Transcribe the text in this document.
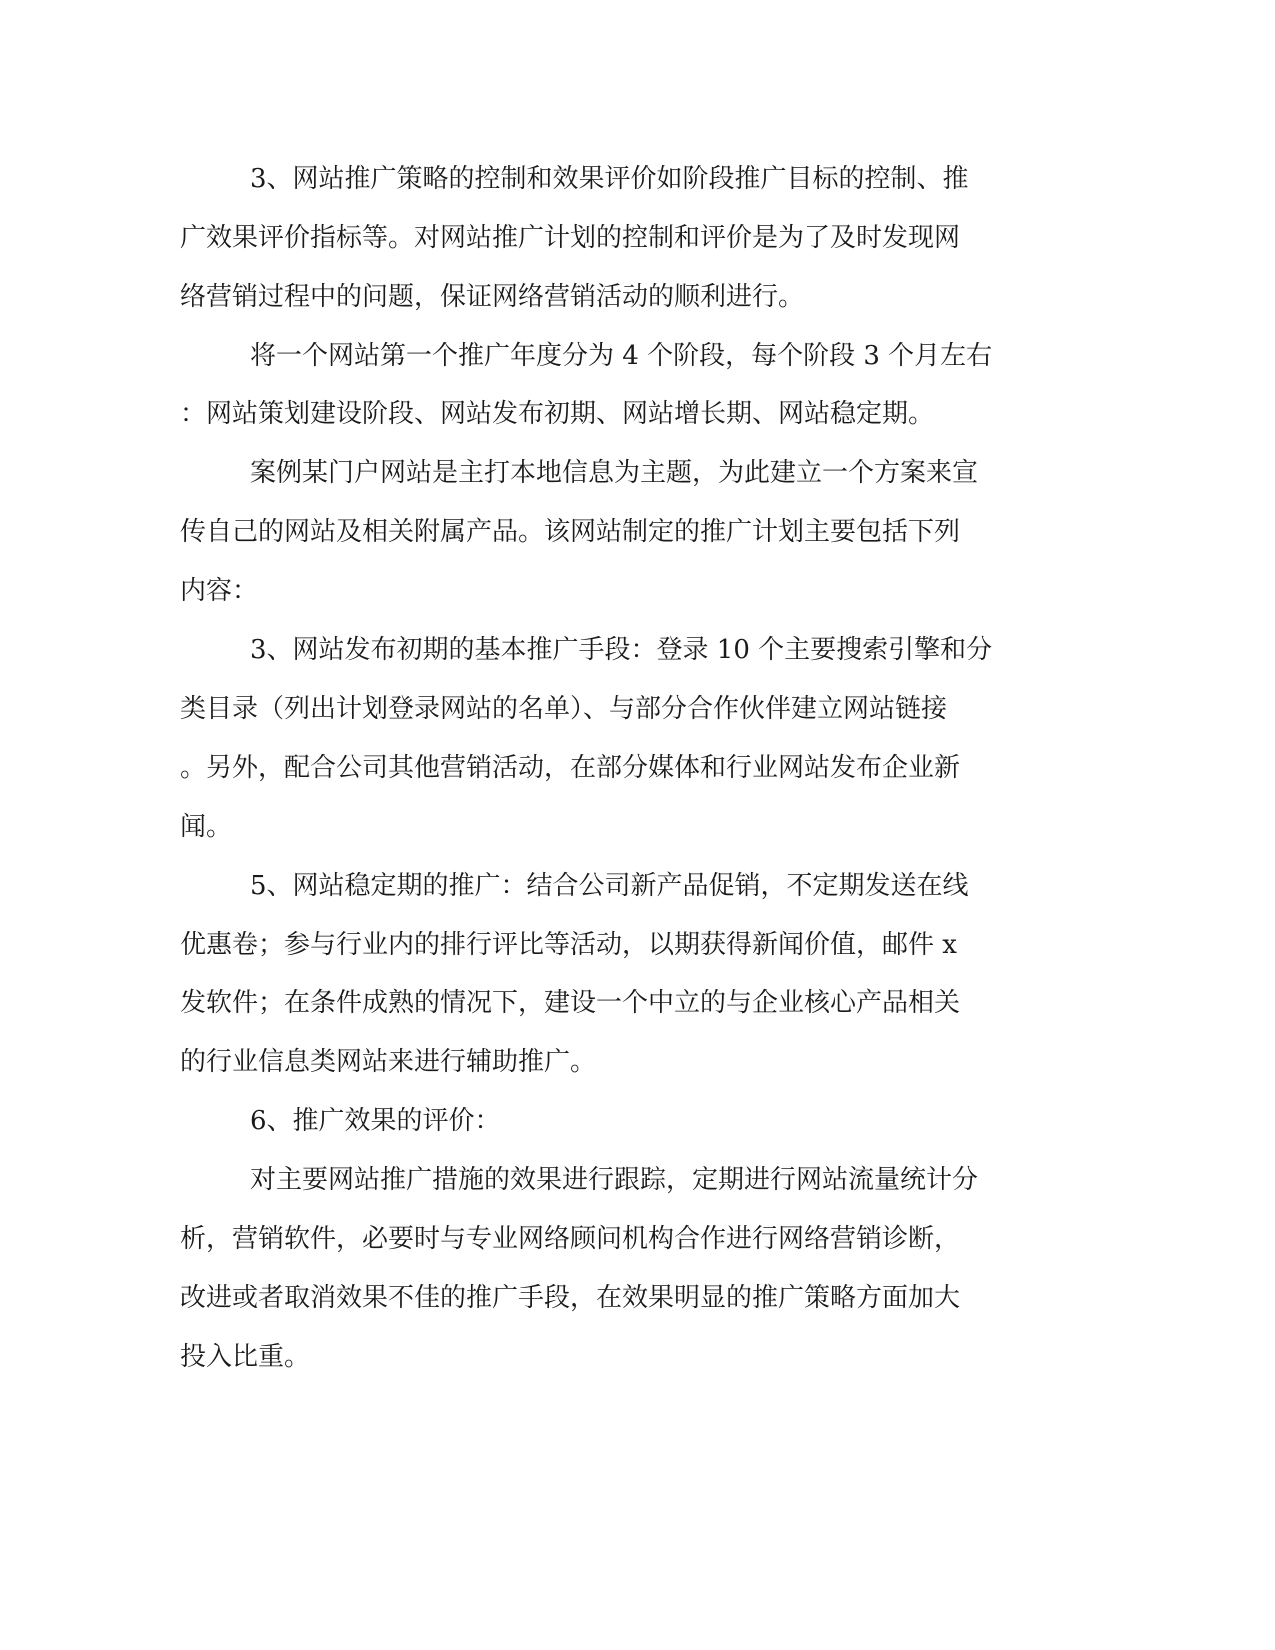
3、网站推广策略的控制和效果评价如阶段推广目标的控制、推

广效果评价指标等。对网站推广计划的控制和评价是为了及时发现网

络营销过程中的问题，保证网络营销活动的顺利进行。

将一个网站第一个推广年度分为 4 个阶段，每个阶段 3 个月左右

：网站策划建设阶段、网站发布初期、网站增长期、网站稳定期。

案例某门户网站是主打本地信息为主题，为此建立一个方案来宣

传自己的网站及相关附属产品。该网站制定的推广计划主要包括下列

内容：

3、网站发布初期的基本推广手段：登录 10 个主要搜索引擎和分

类目录（列出计划登录网站的名单）、与部分合作伙伴建立网站链接

。另外，配合公司其他营销活动，在部分媒体和行业网站发布企业新

闻。

5、网站稳定期的推广：结合公司新产品促销，不定期发送在线

优惠卷；参与行业内的排行评比等活动，以期获得新闻价值，邮件 x

发软件；在条件成熟的情况下，建设一个中立的与企业核心产品相关

的行业信息类网站来进行辅助推广。

6、推广效果的评价：

对主要网站推广措施的效果进行跟踪，定期进行网站流量统计分

析，营销软件，必要时与专业网络顾问机构合作进行网络营销诊断，

改进或者取消效果不佳的推广手段，在效果明显的推广策略方面加大

投入比重。
